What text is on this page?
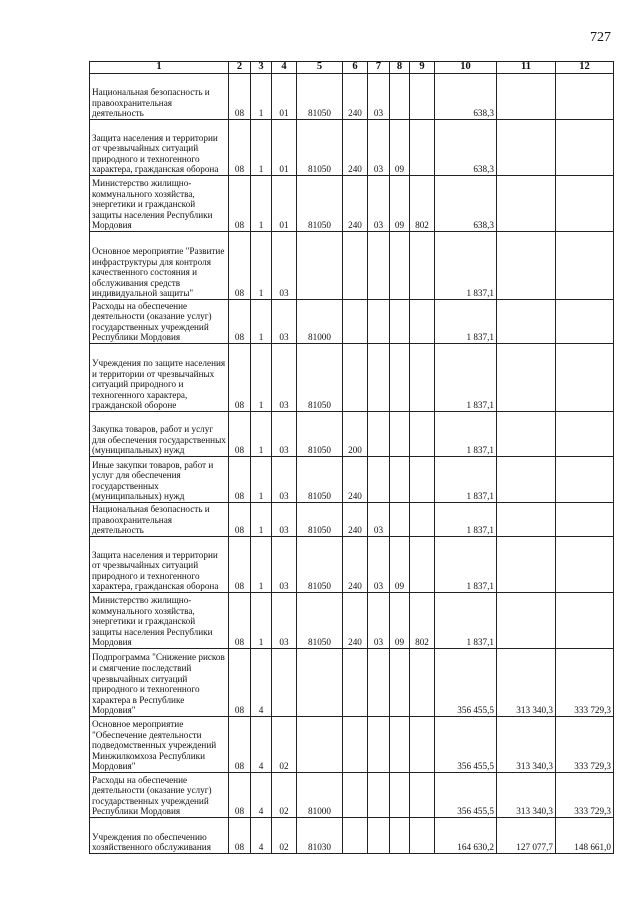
727
1	2	3	4	5	6	7	8	9	10	11	12
Национальная безопасность и правоохранительная деятельность	08	1	01	81050	240	03			638,3		
Защита населения и территории от чрезвычайных ситуаций природного и техногенного характера, гражданская оборона	08	1	01	81050	240	03	09		638,3		
Министерство жилищно-коммунального хозяйства, энергетики и гражданской защиты населения Республики Мордовия	08	1	01	81050	240	03	09	802	638,3		
Основное мероприятие "Развитие инфраструктуры для контроля качественного состояния и обслуживания средств индивидуальной защиты"	08	1	03						1 837,1		
Расходы на обеспечение деятельности (оказание услуг) государственных учреждений Республики Мордовия	08	1	03	81000					1 837,1		
Учреждения по защите населения и территории от чрезвычайных ситуаций природного и техногенного характера, гражданской обороне	08	1	03	81050					1 837,1		
Закупка товаров, работ и услуг для обеспечения государственных (муниципальных) нужд	08	1	03	81050	200				1 837,1		
Иные закупки товаров, работ и услуг для обеспечения государственных (муниципальных) нужд	08	1	03	81050	240				1 837,1		
Национальная безопасность и правоохранительная деятельность	08	1	03	81050	240	03			1 837,1		
Защита населения и территории от чрезвычайных ситуаций природного и техногенного характера, гражданская оборона	08	1	03	81050	240	03	09		1 837,1		
Министерство жилищно-коммунального хозяйства, энергетики и гражданской защиты населения Республики Мордовия	08	1	03	81050	240	03	09	802	1 837,1		
Подпрограмма "Снижение рисков и смягчение последствий чрезвычайных ситуаций природного и техногенного характера в Республике Мордовия"	08	4							356 455,5	313 340,3	333 729,3
Основное мероприятие "Обеспечение деятельности подведомственных учреждений Минжилкомхоза Республики Мордовия"	08	4	02						356 455,5	313 340,3	333 729,3
Расходы на обеспечение деятельности (оказание услуг) государственных учреждений Республики Мордовия	08	4	02	81000					356 455,5	313 340,3	333 729,3
Учреждения по обеспечению хозяйственного обслуживания	08	4	02	81030					164 630,2	127 077,7	148 661,0
